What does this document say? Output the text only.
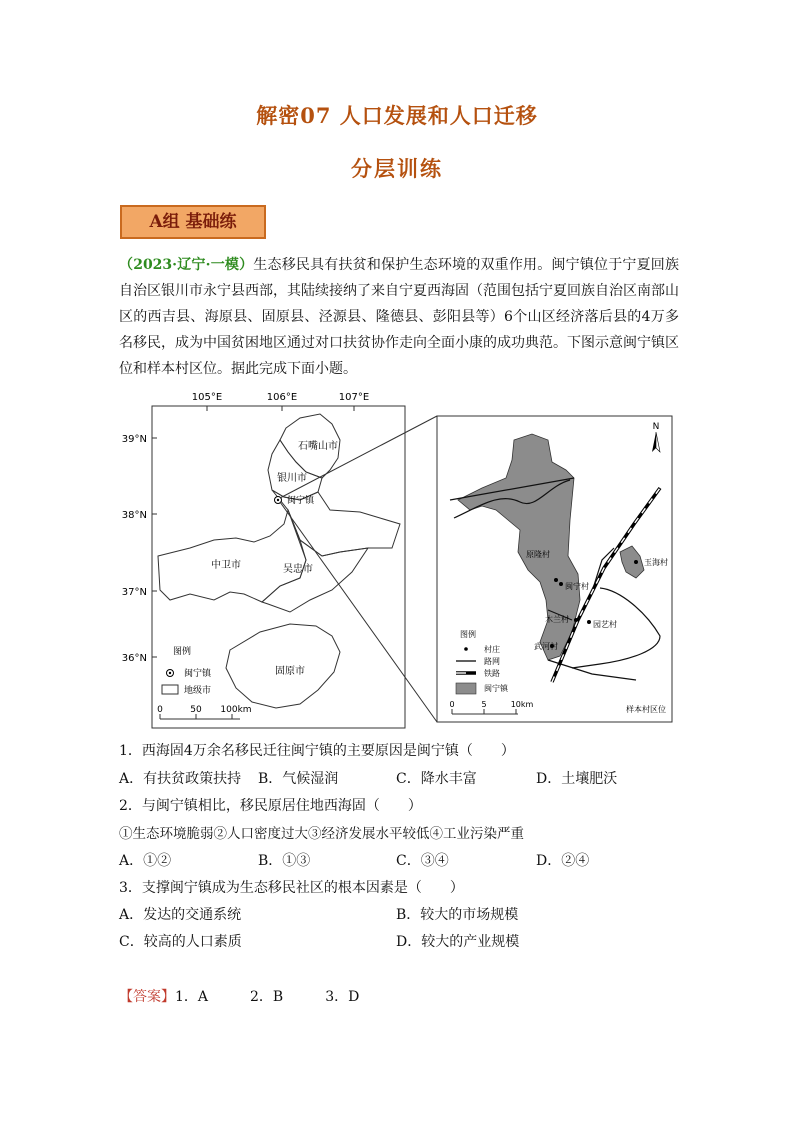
解密07 人口发展和人口迁移
分层训练
A组 基础练
（2023·辽宁·一模）生态移民具有扶贫和保护生态环境的双重作用。闽宁镇位于宁夏回族自治区银川市永宁县西部，其陆续接纳了来自宁夏西海固（范围包括宁夏回族自治区南部山区的西吉县、海原县、固原县、泾源县、隆德县、彭阳县等）6个山区经济落后县的4万多名移民，成为中国贫困地区通过对口扶贫协作走向全面小康的成功典范。下图示意闽宁镇区位和样本村区位。据此完成下面小题。
105°E	106°E	107°E
39°N
38°N
37°N
36°N
石嘴山市
银川市
闽宁镇
中卫市	吴忠市
固原市
图例
闽宁镇
地级市
0	50 100km
N
原隆村
闽宁村
木兰村
园艺村
武河村
玉海村
图例
村庄
路网
铁路
闽宁镇
0	5	10km
样本村区位
1．西海固4万余名移民迁往闽宁镇的主要原因是闽宁镇（　　）
A．有扶贫政策扶持 B．气候湿润	C．降水丰富	D．土壤肥沃
2．与闽宁镇相比，移民原居住地西海固（　　）
①生态环境脆弱②人口密度过大③经济发展水平较低④工业污染严重
A．①②	B．①③	C．③④	D．②④
3．支撑闽宁镇成为生态移民社区的根本因素是（　　）
A．发达的交通系统	B．较大的市场规模
C．较高的人口素质	D．较大的产业规模
【答案】1．A　　　2．B　　　3．D
